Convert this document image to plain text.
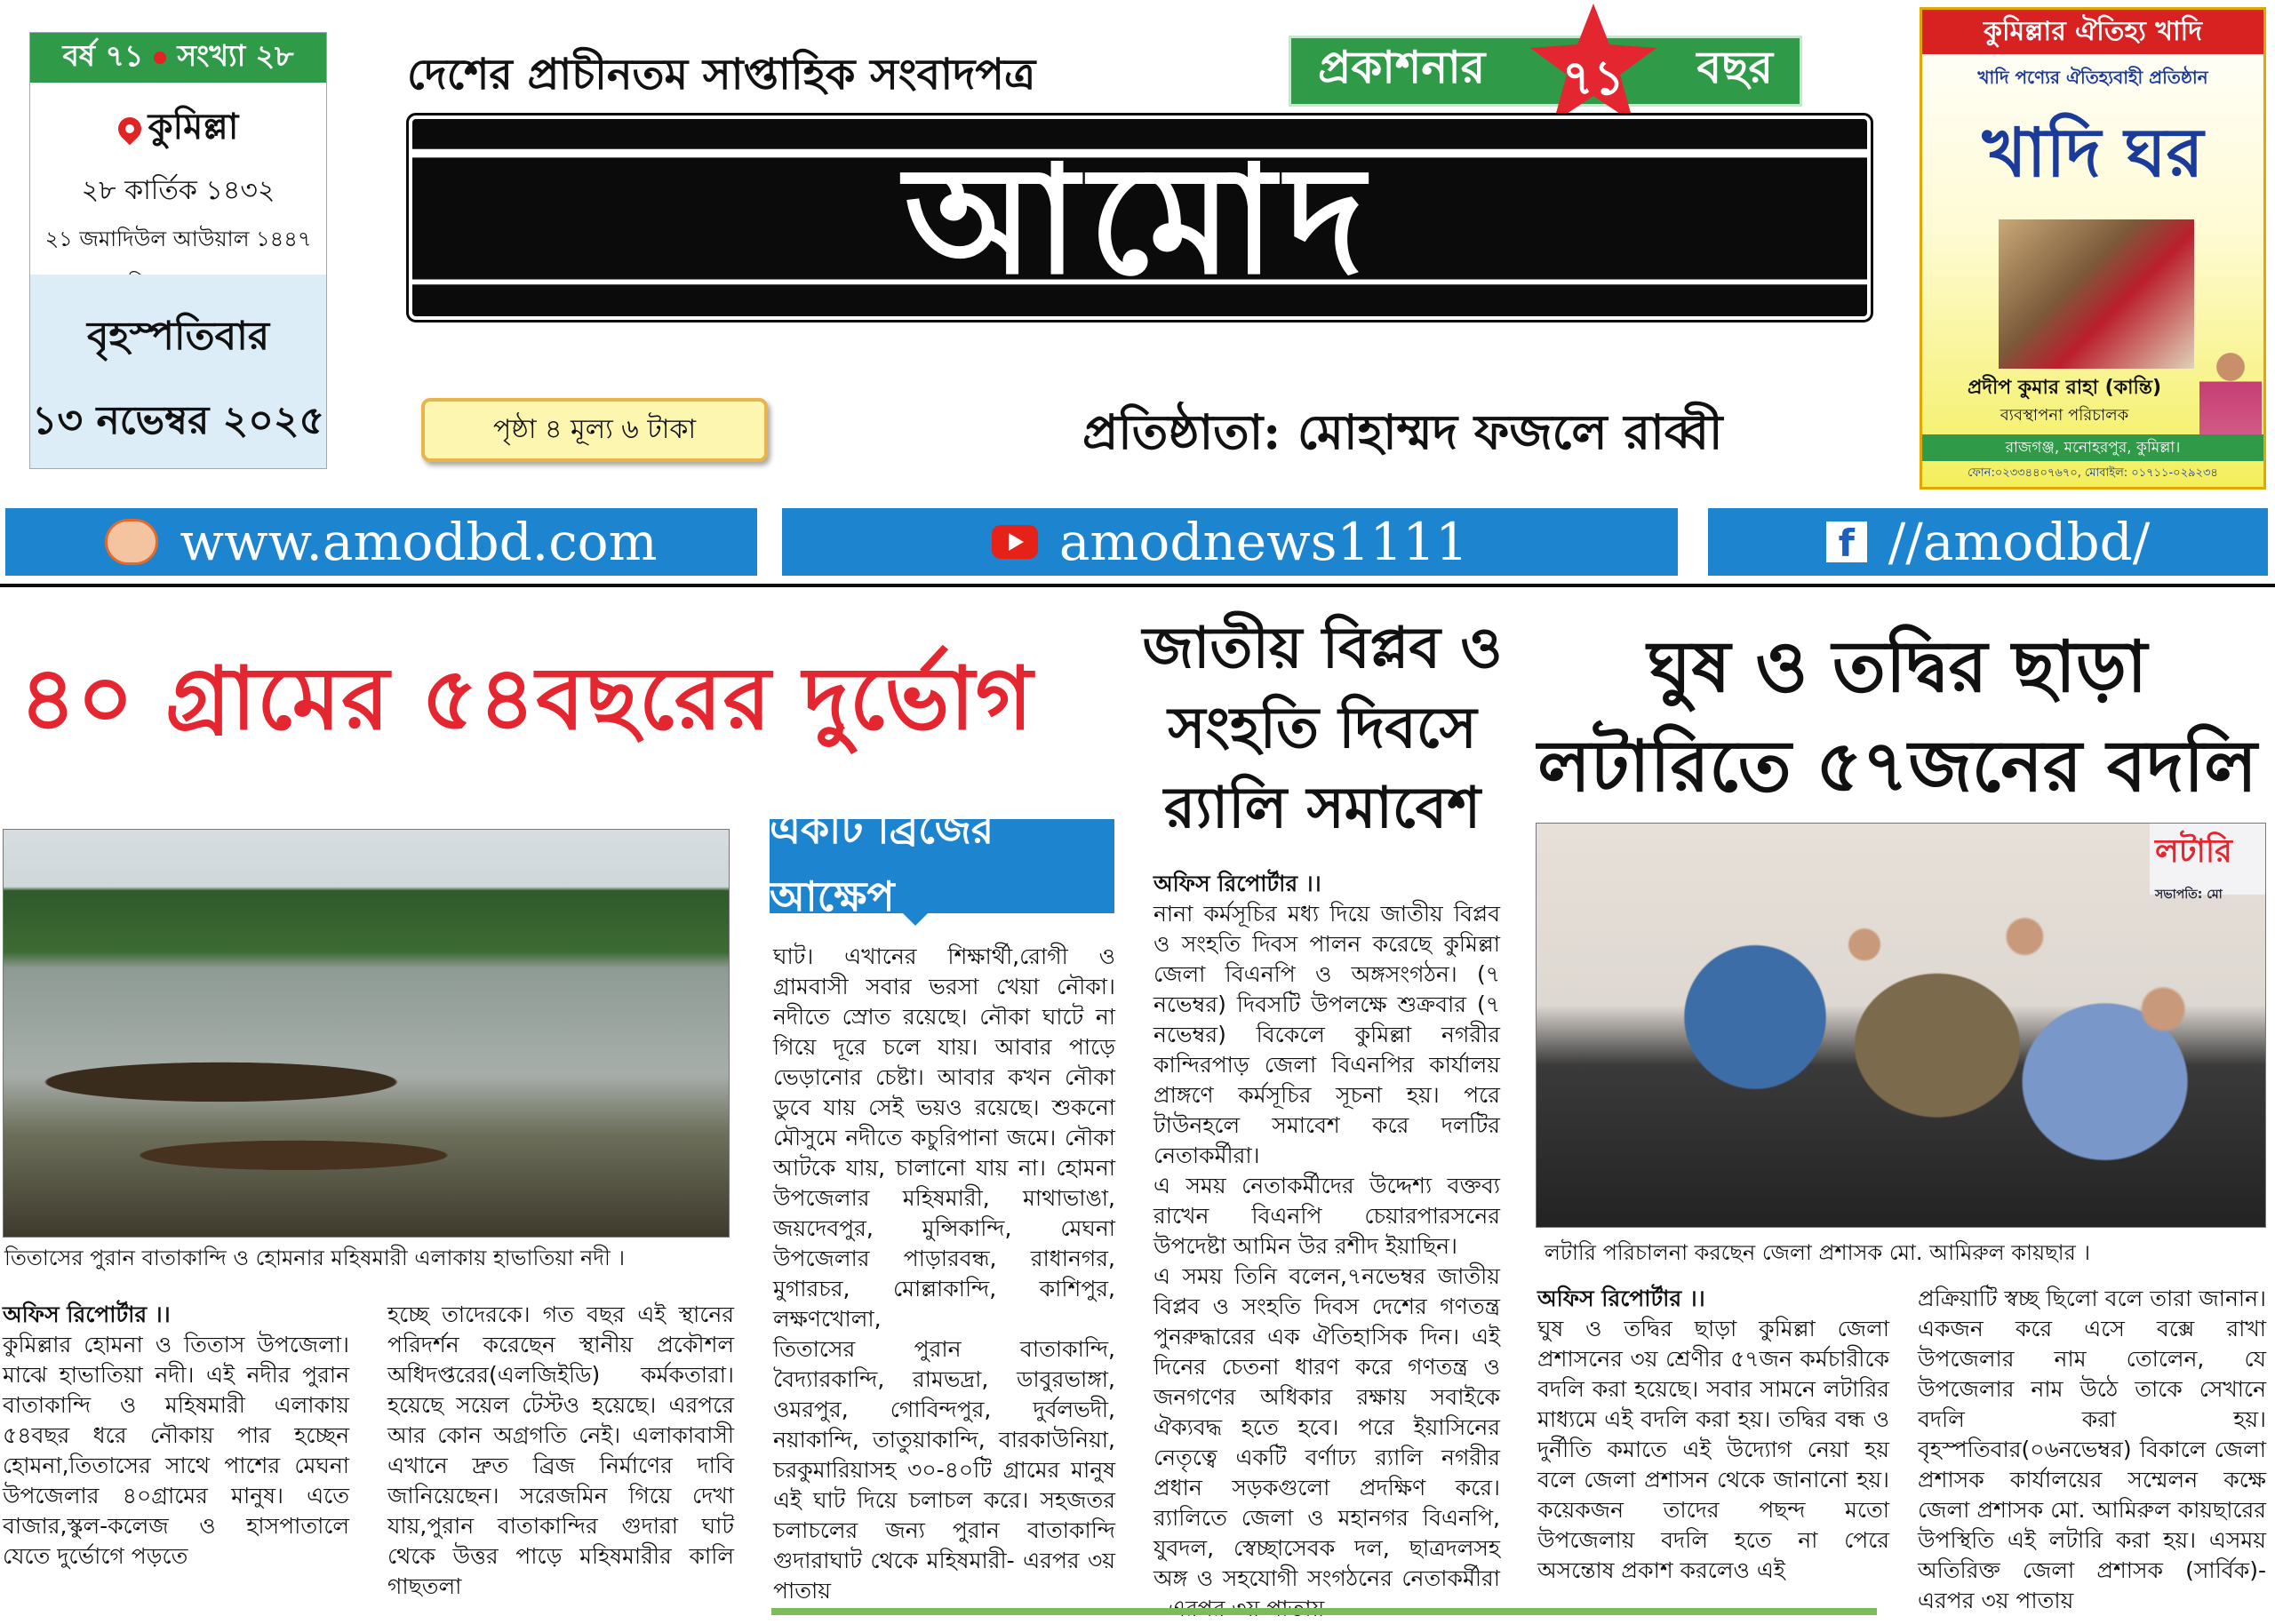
বর্ষ ৭১ সংখ্যা ২৮
কুমিল্লা
২৮ কার্তিক ১৪৩২
২১ জমাদিউল আউয়াল ১৪৪৭
বৃহস্পতিবার
১৩ নভেম্বর ২০২৫
দেশের প্রাচীনতম সাপ্তাহিক সংবাদপত্র	প্রকাশনার	বছর
৭১
আমোদ
পৃষ্ঠা ৪ মূল্য ৬ টাকা	প্রতিষ্ঠাতা: মোহাম্মদ ফজলে রাব্বী
কুমিল্লার ঐতিহ্য খাদি
খাদি পণ্যের ঐতিহ্যবাহী প্রতিষ্ঠান
খাদি ঘর
প্রদীপ কুমার রাহা (কান্তি)
ব্যবস্থাপনা পরিচালক
রাজগঞ্জ, মনোহরপুর, কুমিল্লা।
ফোন:০২৩৩৪৪০৭৬৭০, মোবাইল: ০১৭১১-০২৯২৩৪
www.amodbd.com	amodnews1111	f //amodbd/
৪০ গ্রামের ৫৪বছরের দুর্ভোগ	জাতীয় বিপ্লব ও সংহতি দিবসে র‍্যালি সমাবেশ
ঘুষ ও তদ্বির ছাড়া লটারিতে ৫৭জনের বদলি
তিতাসের পুরান বাতাকান্দি ও হোমনার মহিষমারী এলাকায় হাভাতিয়া নদী ।
একটি ব্রিজের আক্ষেপ
অফিস রিপোর্টার ।।
কুমিল্লার হোমনা ও তিতাস উপজেলা। মাঝে হাভাতিয়া নদী। এই নদীর পুরান বাতাকান্দি ও মহিষমারী এলাকায় ৫৪বছর ধরে নৌকায় পার হচ্ছেন হোমনা,তিতাসের সাথে পাশের মেঘনা উপজেলার ৪০গ্রামের মানুষ। এতে বাজার,স্কুল-কলেজ ও হাসপাতালে যেতে দুর্ভোগে পড়তে
হচ্ছে তাদেরকে। গত বছর এই স্থানের পরিদর্শন করেছেন স্থানীয় প্রকৌশল অধিদপ্তরের(এলজিইডি) কর্মকতারা। হয়েছে সয়েল টেস্টও হয়েছে। এরপরে আর কোন অগ্রগতি নেই। এলাকাবাসী এখানে দ্রুত ব্রিজ নির্মাণের দাবি জানিয়েছেন। সরেজমিন গিয়ে দেখা যায়,পুরান বাতাকান্দির গুদারা ঘাট থেকে উত্তর পাড়ে মহিষমারীর কালি গাছতলা
ঘাট। এখানের শিক্ষার্থী,রোগী ও গ্রামবাসী সবার ভরসা খেয়া নৌকা। নদীতে স্রোত রয়েছে। নৌকা ঘাটে না গিয়ে দূরে চলে যায়। আবার পাড়ে ভেড়ানোর চেষ্টা। আবার কখন নৌকা ডুবে যায় সেই ভয়ও রয়েছে। শুকনো মৌসুমে নদীতে কচুরিপানা জমে। নৌকা আটকে যায়, চালানো যায় না। হোমনা উপজেলার মহিষমারী, মাথাভাঙা, জয়দেবপুর, মুন্সিকান্দি, মেঘনা উপজেলার পাড়ারবন্ধ, রাধানগর, মুগারচর, মোল্লাকান্দি, কাশিপুর, লক্ষণখোলা,
তিতাসের পুরান বাতাকান্দি, বৈদ্যারকান্দি, রামভদ্রা, ডাবুরভাঙ্গা, ওমরপুর, গোবিন্দপুর, দুর্বলভদী, নয়াকান্দি, তাতুয়াকান্দি, বারকাউনিয়া, চরকুমারিয়াসহ ৩০-৪০টি গ্রামের মানুষ এই ঘাট দিয়ে চলাচল করে। সহজতর চলাচলের জন্য পুরান বাতাকান্দি গুদারাঘাট থেকে মহিষমারী- এরপর ৩য় পাতায়
অফিস রিপোর্টার ।।
নানা কর্মসূচির মধ্য দিয়ে জাতীয় বিপ্লব ও সংহতি দিবস পালন করেছে কুমিল্লা জেলা বিএনপি ও অঙ্গসংগঠন। (৭ নভেম্বর) দিবসটি উপলক্ষে শুক্রবার (৭ নভেম্বর) বিকেলে কুমিল্লা নগরীর কান্দিরপাড় জেলা বিএনপির কার্যালয় প্রাঙ্গণে কর্মসূচির সূচনা হয়। পরে টাউনহলে সমাবেশ করে দলটির নেতাকর্মীরা।
এ সময় নেতাকর্মীদের উদ্দেশ্য বক্তব্য রাখেন বিএনপি চেয়ারপারসনের উপদেষ্টা আমিন উর রশীদ ইয়াছিন।
এ সময় তিনি বলেন,৭নভেম্বর জাতীয় বিপ্লব ও সংহতি দিবস দেশের গণতন্ত্র পুনরুদ্ধারের এক ঐতিহাসিক দিন। এই দিনের চেতনা ধারণ করে গণতন্ত্র ও জনগণের অধিকার রক্ষায় সবাইকে ঐক্যবদ্ধ হতে হবে। পরে ইয়াসিনের নেতৃত্বে একটি বর্ণাঢ্য র‍্যালি নগরীর প্রধান সড়কগুলো প্রদক্ষিণ করে। র‍্যালিতে জেলা ও মহানগর বিএনপি, যুবদল, স্বেচ্ছাসেবক দল, ছাত্রদলসহ অঙ্গ ও সহযোগী সংগঠনের নেতাকর্মীরা
লটারি
সভাপতি: মো
লটারি পরিচালনা করছেন জেলা প্রশাসক মো. আমিরুল কায়ছার ।
অফিস রিপোর্টার ।।
ঘুষ ও তদ্বির ছাড়া কুমিল্লা জেলা প্রশাসনের ৩য় শ্রেণীর ৫৭জন কর্মচারীকে বদলি করা হয়েছে। সবার সামনে লটারির মাধ্যমে এই বদলি করা হয়। তদ্বির বন্ধ ও দুর্নীতি কমাতে এই উদ্যোগ নেয়া হয় বলে জেলা প্রশাসন থেকে জানানো হয়। কয়েকজন তাদের পছন্দ মতো উপজেলায় বদলি হতে না পেরে অসন্তোষ প্রকাশ করলেও এই
প্রক্রিয়াটি স্বচ্ছ ছিলো বলে তারা জানান। একজন করে এসে বক্সে রাখা উপজেলার নাম তোলেন, যে উপজেলার নাম উঠে তাকে সেখানে বদলি করা হয়। বৃহস্পতিবার(০৬নভেম্বর) বিকালে জেলা প্রশাসক কার্যালয়ের সম্মেলন কক্ষে জেলা প্রশাসক মো. আমিরুল কায়ছারের উপস্থিতি এই লটারি করা হয়। এসময় অতিরিক্ত জেলা প্রশাসক (সার্বিক)- এরপর ৩য় পাতায়
